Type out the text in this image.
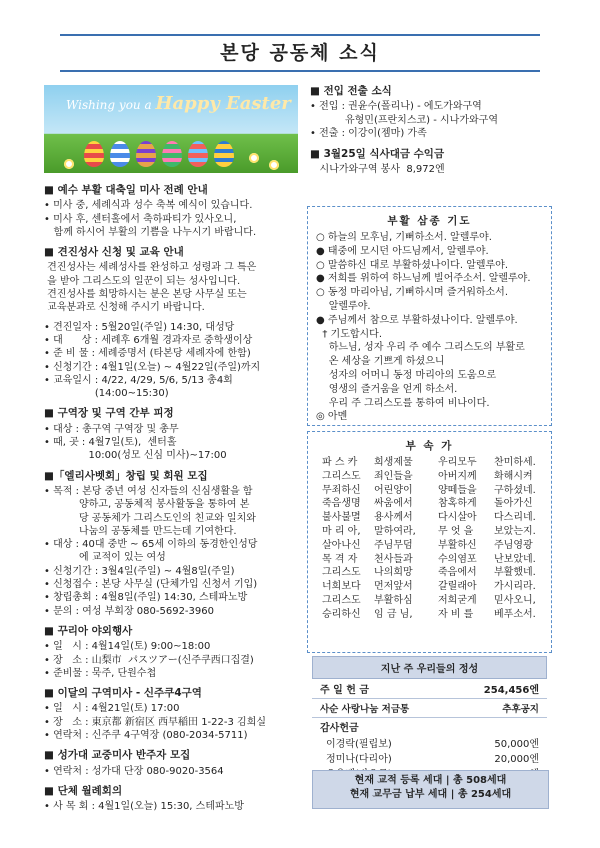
본당 공동체 소식
Wishing you a Happy Easter
■ 예수 부활 대축일 미사 전례 안내
• 미사 중, 세례식과 성수 축복 예식이 있습니다.
• 미사 후, 센터홀에서 축하파티가 있사오니,
함께 하시어 부활의 기쁨을 나누시기 바랍니다.
■ 견진성사 신청 및 교육 안내
견진성사는 세례성사를 완성하고 성령과 그 특은
을 받아 그리스도의 일꾼이 되는 성사입니다.
견진성사를 희망하시는 분은 본당 사무실 또는
교육분과로 신청해 주시기 바랍니다.
• 견진일자 : 5월20일(주일) 14:30, 대성당
• 대      상 : 세례후 6개월 경과자로 중학생이상
• 준 비 물 : 세례증명서 (타본당 세례자에 한함)
• 신청기간 : 4월1일(오늘) ~ 4월22일(주일)까지
• 교육일시 : 4/22, 4/29, 5/6, 5/13 총4회
(14:00~15:30)
■ 구역장 및 구역 간부 피정
• 대상 : 총구역 구역장 및 총무
• 때, 곳 : 4월7일(토),  센터홀
10:00(성모 신심 미사)~17:00
■「엘리사벳회」창립 및 회원 모집
• 목적 : 본당 중년 여성 신자들의 신심생활을 함
양하고, 공동체적 봉사활동을 통하여 본
당 공동체가 그리스도인의 친교와 일치와
나눔의 공동체를 만드는데 기여한다.
• 대상 : 40대 중반 ~ 65세 이하의 동경한인성당
에 교적이 있는 여성
• 신청기간 : 3월4일(주일) ~ 4월8일(주일)
• 신청접수 : 본당 사무실 (단체가입 신청서 기입)
• 창립총회 : 4월8일(주일) 14:30, 스테파노방
• 문의 : 여성 부회장 080-5692-3960
■ 꾸리아 야외행사
• 일   시 : 4월14일(토) 9:00~18:00
• 장   소 : 山梨市  パスツアー(신주쿠西口집결)
• 준비물 : 묵주, 단원수첩
■ 이달의 구역미사 - 신주쿠4구역
• 일   시 : 4월21일(토) 17:00
• 장   소 : 東京都 新宿区 西早稲田 1-22-3 김희실
• 연락처 : 신주쿠 4구역장 (080-2034-5711)
■ 성가대 교중미사 반주자 모집
• 연락처 : 성가대 단장 080-9020-3564
■ 단체 월례회의
• 사 목 회 : 4월1일(오늘) 15:30, 스테파노방
■ 전입 전출 소식
• 전입 : 권윤수(폴리나) - 에도가와구역
유형민(프란치스코) - 시나가와구역
• 전출 : 이강이(젬마) 가족
■ 3월25일 식사대금 수익금
시나가와구역 봉사  8,972엔
부활 삼종 기도
○ 하늘의 모후님, 기뻐하소서. 알렐루야.
● 태중에 모시던 아드님께서, 알렐루야.
○ 말씀하신 대로 부활하셨나이다. 알렐루야.
● 저희를 위하여 하느님께 빌어주소서. 알렐루야.
○ 동정 마리아님, 기뻐하시며 즐거워하소서.
알렐루야.
● 주님께서 참으로 부활하셨나이다. 알렐루야.
† 기도합시다.
하느님, 성자 우리 주 예수 그리스도의 부활로
온 세상을 기쁘게 하셨으니
성자의 어머니 동정 마리아의 도움으로
영생의 즐거움을 얻게 하소서.
우리 주 그리스도를 통하여 비나이다.
◎ 아멘
부 속 가
파 스 카	희생제물	우리모두	찬미하세.
그리스도	죄인들을	아버지께	화해시켜
무죄하신	어린양이	양떼들을	구하셨네.
죽음생명	싸움에서	참혹하게	돌아가신
불사불멸	용사께서	다시살아	다스리네.
마 리 아,	말하여라,	무 엇 을	보았는지.
살아나신	주님무덤	부활하신	주님영광
목 격 자	천사들과	수의염포	난보았네.
그리스도	나의희망	죽음에서	부활했네.
너희보다	먼저앞서	갈릴래아	가시리라.
그리스도	부활하심	저희굳게	믿사오니,
승리하신	임 금 님,	자 비 를	베푸소서.
지난 주 우리들의 정성
주 일 헌 금	254,456엔
사순 사랑나눔 저금통	추후공지
감사헌금
이경락(필립보)	50,000엔
정미나(다리아)	20,000엔
현재 교적 등록 세대 | 총 508세대
현재 교무금 납부 세대 | 총 254세대
